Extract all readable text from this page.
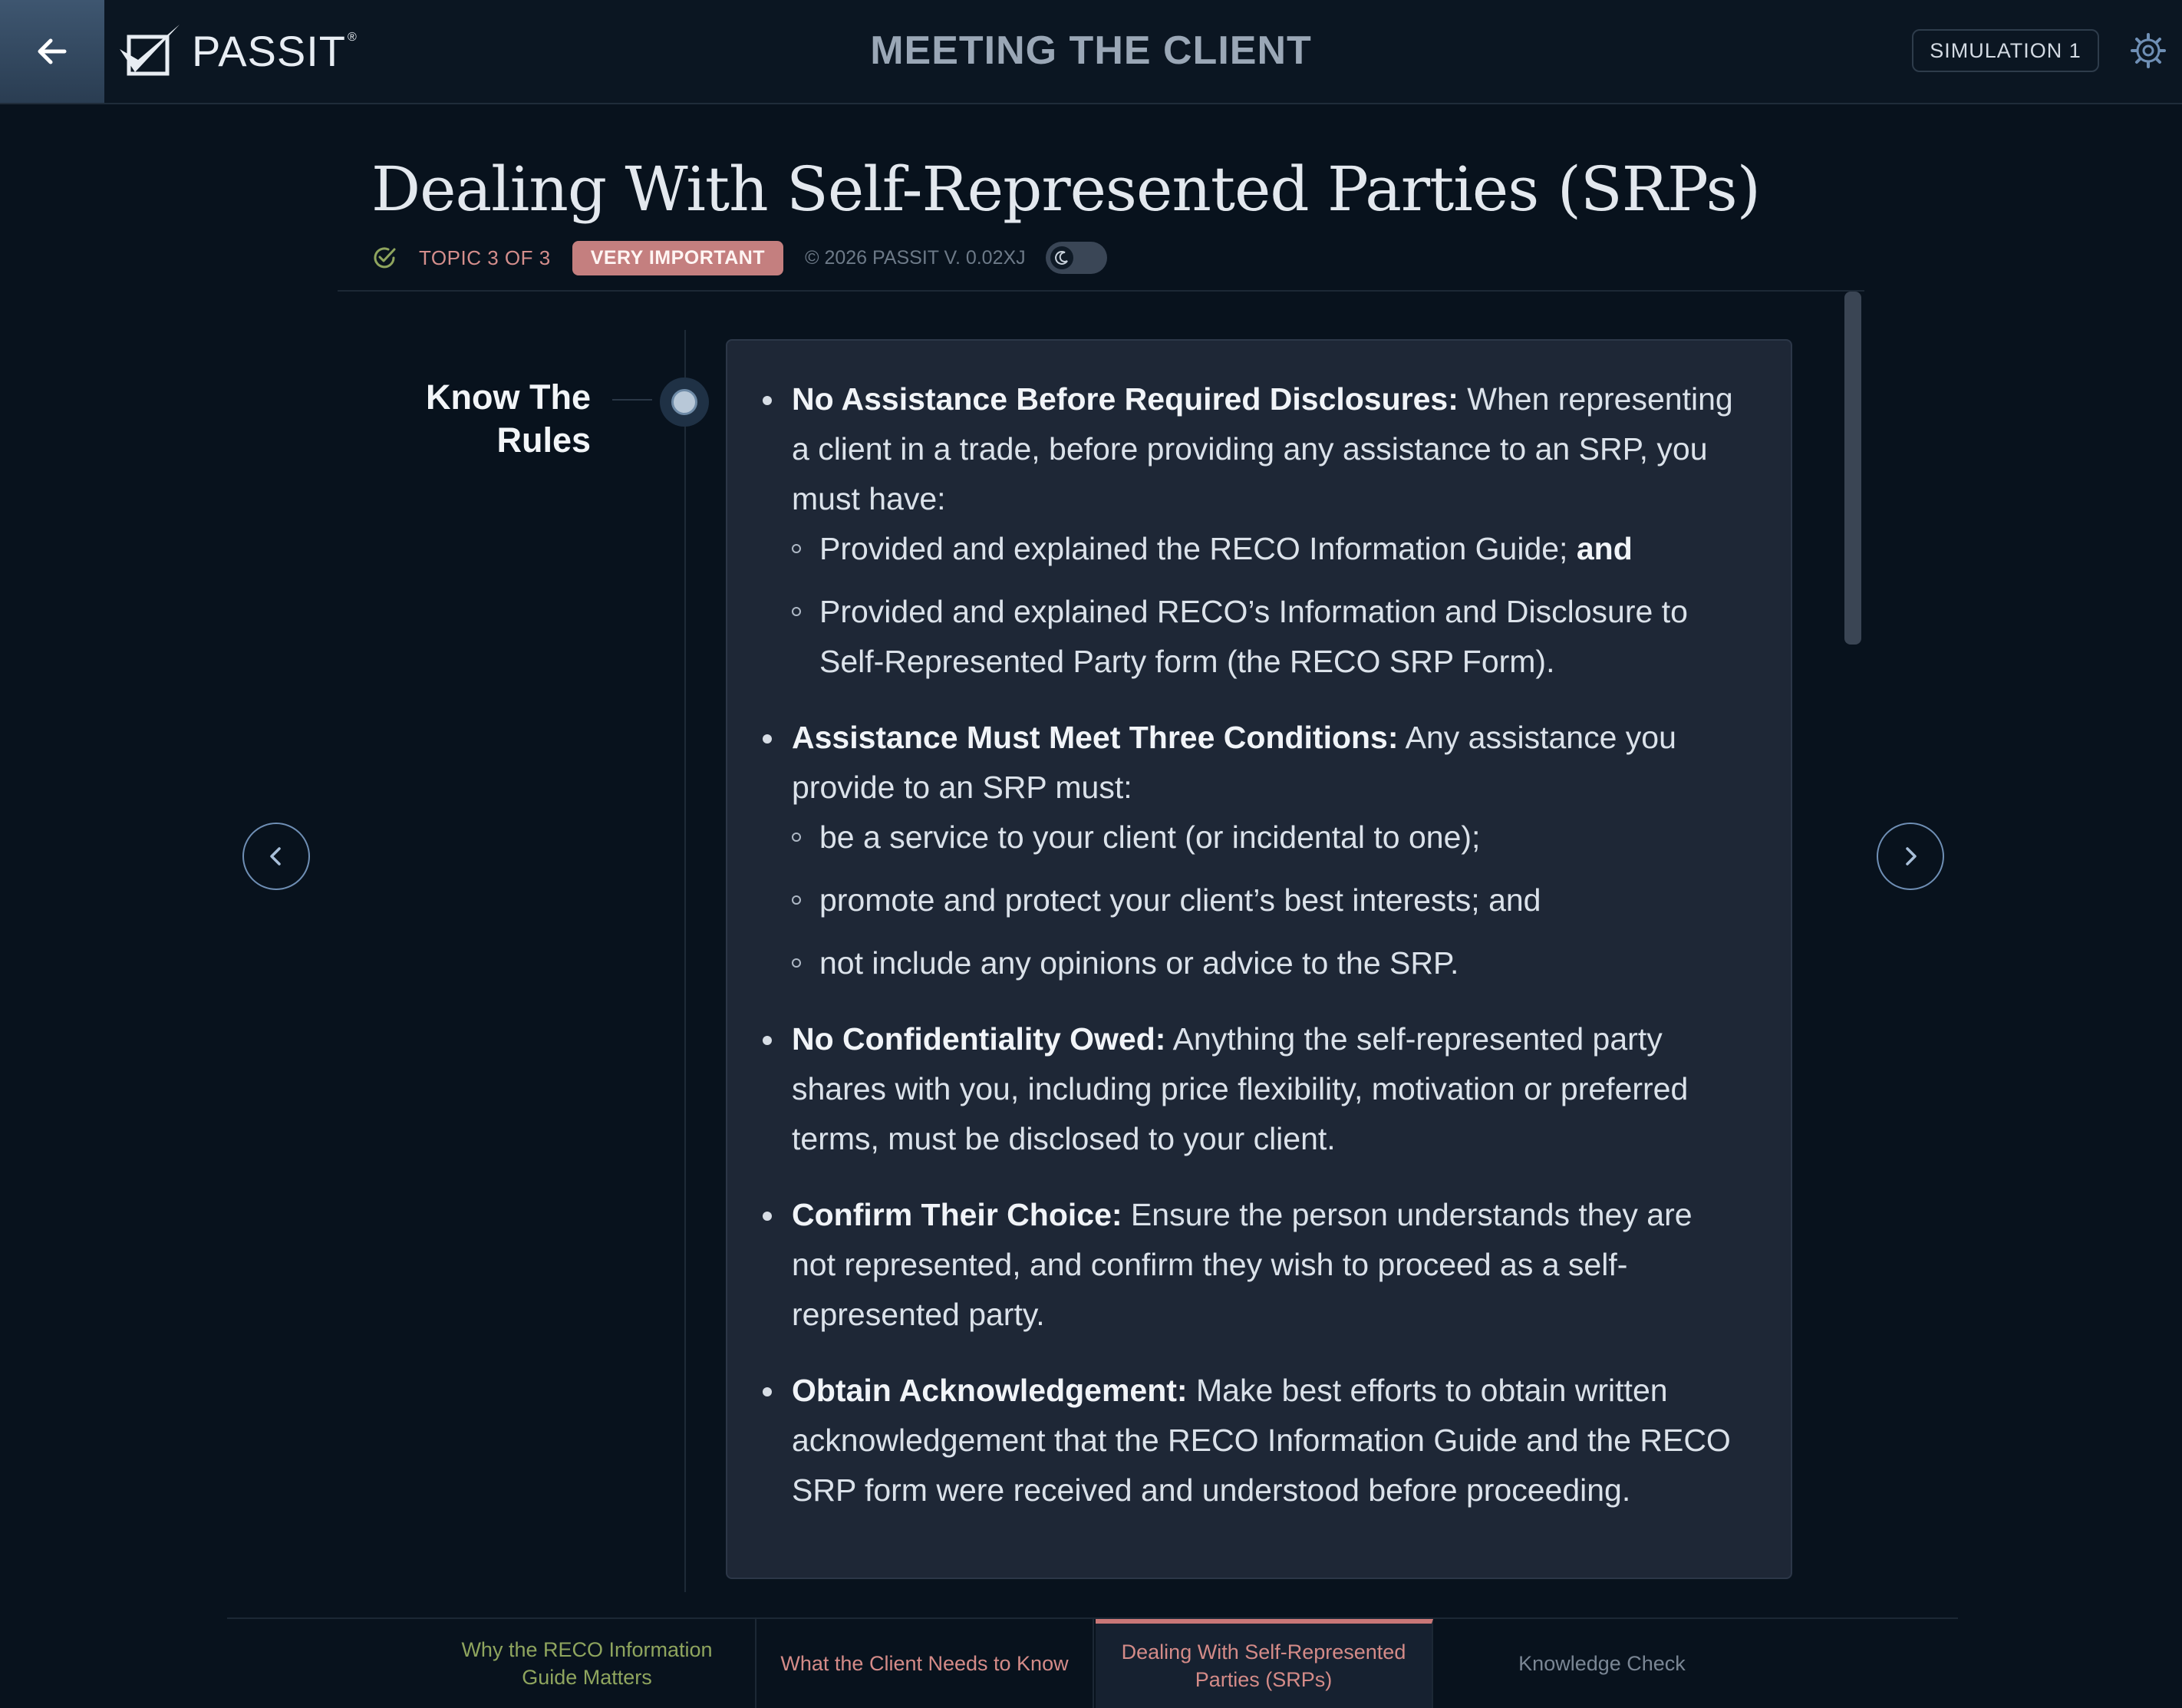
PASSIT ®	MEETING THE CLIENT	SIMULATION 1
Dealing With Self-Represented Parties (SRPs)
TOPIC 3 OF 3	VERY IMPORTANT	© 2026 PASSIT V. 0.02XJ
Know The
Rules
No Assistance Before Required Disclosures: When representing a client in a trade, before providing any assistance to an SRP, you must have:
Provided and explained the RECO Information Guide; and
Provided and explained RECO’s Information and Disclosure to Self-Represented Party form (the RECO SRP Form).
Assistance Must Meet Three Conditions: Any assistance you provide to an SRP must:
be a service to your client (or incidental to one);
promote and protect your client’s best interests; and
not include any opinions or advice to the SRP.
No Confidentiality Owed: Anything the self-represented party shares with you, including price flexibility, motivation or preferred terms, must be disclosed to your client.
Confirm Their Choice: Ensure the person understands they are not represented, and confirm they wish to proceed as a self-represented party.
Obtain Acknowledgement: Make best efforts to obtain written acknowledgement that the RECO Information Guide and the RECO SRP form were received and understood before proceeding.
Why the RECO Information Guide Matters
What the Client Needs to Know	Dealing With Self-Represented Parties (SRPs)
Knowledge Check
